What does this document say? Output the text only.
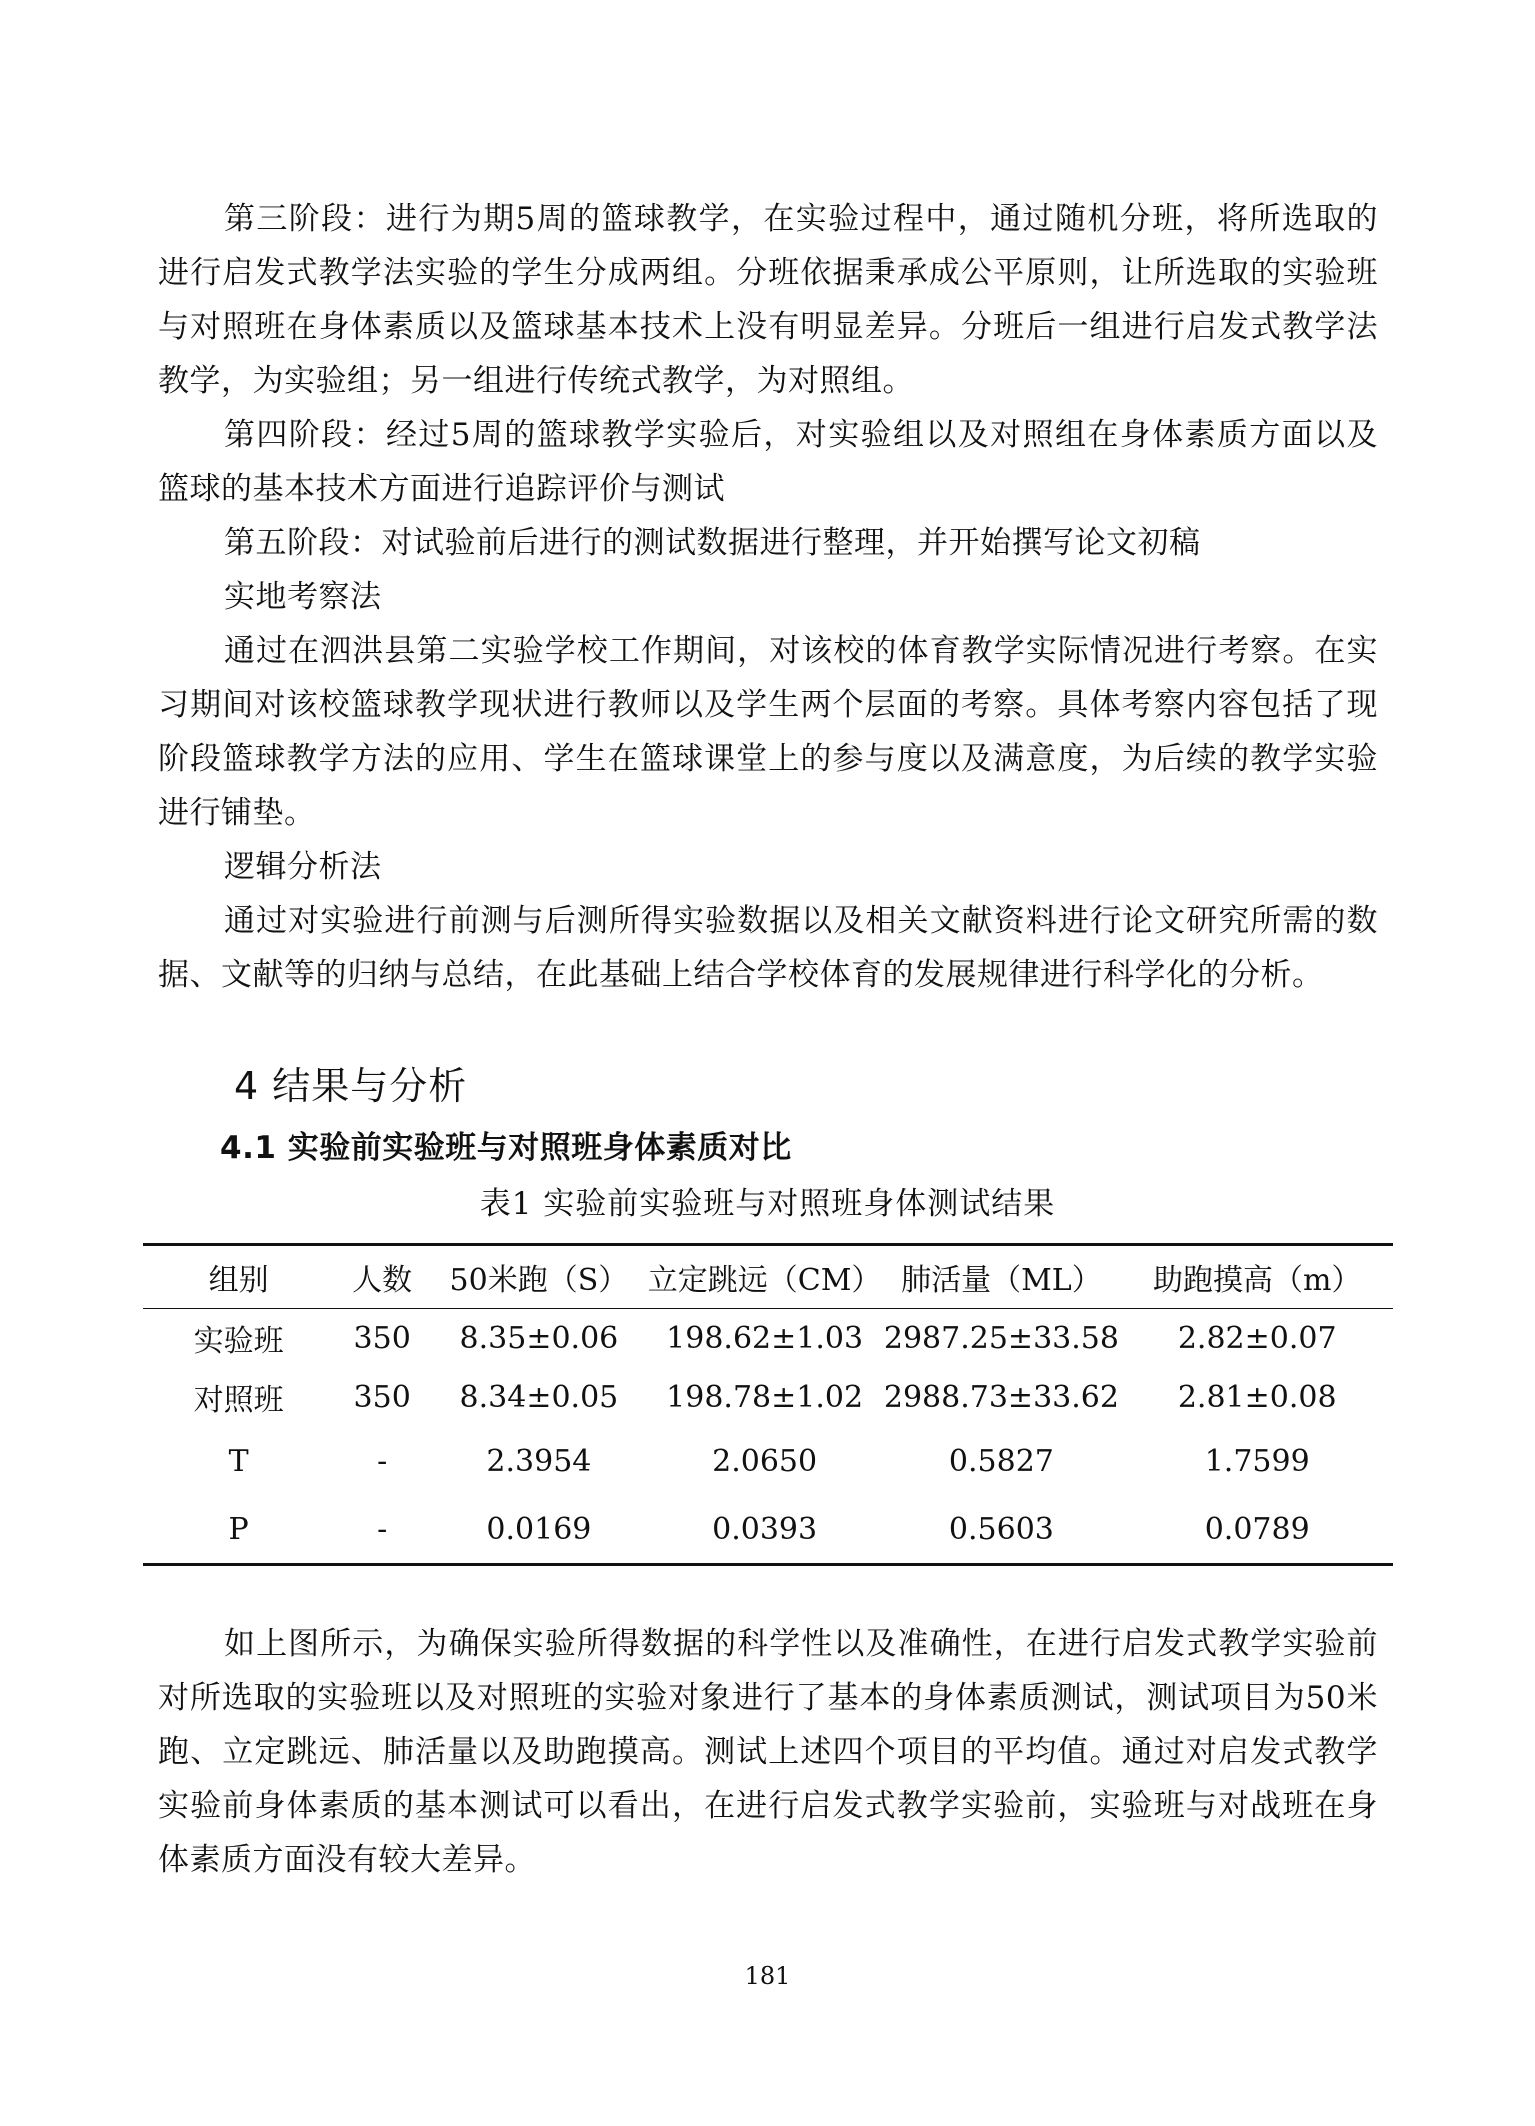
第三阶段：进行为期5周的篮球教学，在实验过程中，通过随机分班，将所选取的进行启发式教学法实验的学生分成两组。分班依据秉承成公平原则，让所选取的实验班与对照班在身体素质以及篮球基本技术上没有明显差异。分班后一组进行启发式教学法教学，为实验组；另一组进行传统式教学，为对照组。

第四阶段：经过5周的篮球教学实验后，对实验组以及对照组在身体素质方面以及篮球的基本技术方面进行追踪评价与测试

第五阶段：对试验前后进行的测试数据进行整理，并开始撰写论文初稿

实地考察法

通过在泗洪县第二实验学校工作期间，对该校的体育教学实际情况进行考察。在实习期间对该校篮球教学现状进行教师以及学生两个层面的考察。具体考察内容包括了现阶段篮球教学方法的应用、学生在篮球课堂上的参与度以及满意度，为后续的教学实验进行铺垫。

逻辑分析法

通过对实验进行前测与后测所得实验数据以及相关文献资料进行论文研究所需的数据、文献等的归纳与总结，在此基础上结合学校体育的发展规律进行科学化的分析。

4 结果与分析
4.1 实验前实验班与对照班身体素质对比

表1 实验前实验班与对照班身体测试结果

组别	人数	50米跑（S）	立定跳远（CM）	肺活量（ML）	助跑摸高（m）
实验班	350	8.35±0.06	198.62±1.03	2987.25±33.58	2.82±0.07
对照班	350	8.34±0.05	198.78±1.02	2988.73±33.62	2.81±0.08
T	-	2.3954	2.0650	0.5827	1.7599
P	-	0.0169	0.0393	0.5603	0.0789

如上图所示，为确保实验所得数据的科学性以及准确性，在进行启发式教学实验前对所选取的实验班以及对照班的实验对象进行了基本的身体素质测试，测试项目为50米跑、立定跳远、肺活量以及助跑摸高。测试上述四个项目的平均值。通过对启发式教学实验前身体素质的基本测试可以看出，在进行启发式教学实验前，实验班与对战班在身体素质方面没有较大差异。

181
